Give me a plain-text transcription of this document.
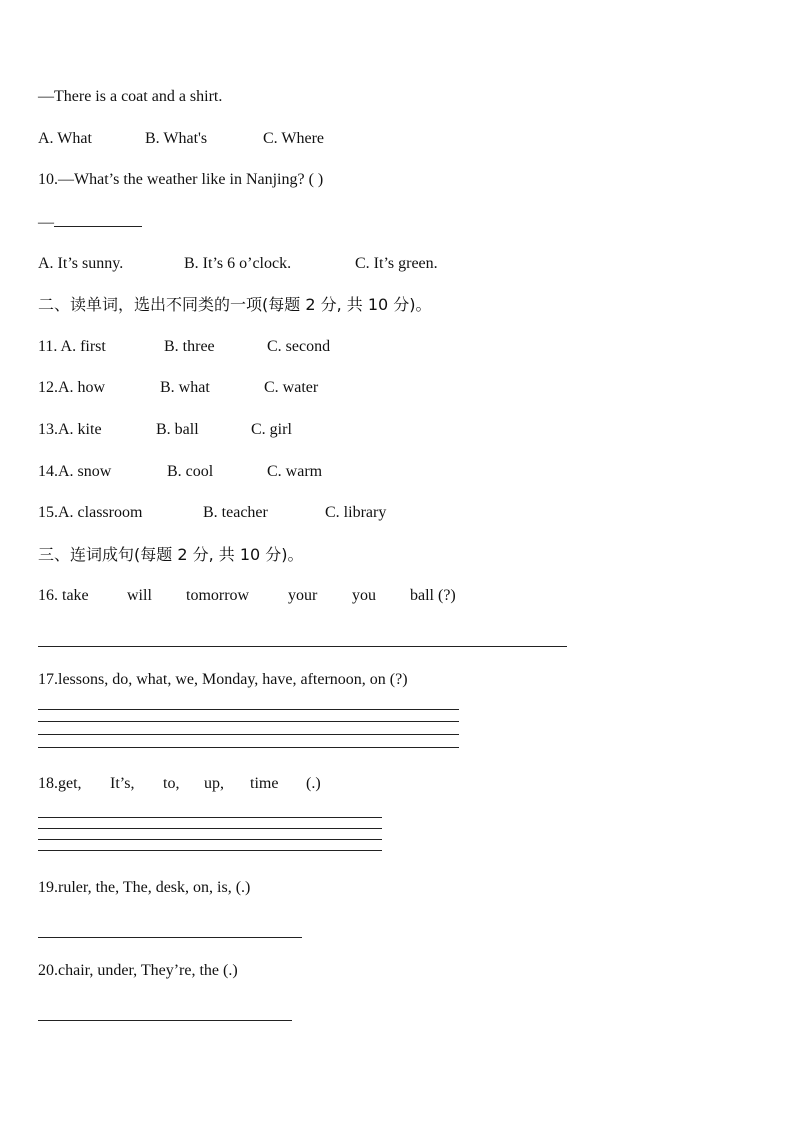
—There is a coat and a shirt.
A. What	B. What's	C. Where
10.—What’s the weather like in Nanjing? ( )
—
A. It’s sunny.	B. It’s 6 o’clock.	C. It’s green.
二、读单词，选出不同类的一项(每题 2 分, 共 10 分)。
11. A. first	B. three	C. second
12.A. how	B. what	C. water
13.A. kite	B. ball	C. girl
14.A. snow	B. cool	C. warm
15.A. classroom	B. teacher	C. library
三、连词成句(每题 2 分, 共 10 分)。
16. take will tomorrow your you ball (?)
17.lessons, do, what, we, Monday, have, afternoon, on (?)
18.get, It’s, to, up, time (.)
19.ruler, the, The, desk, on, is, (.)
20.chair, under, They’re, the (.)
